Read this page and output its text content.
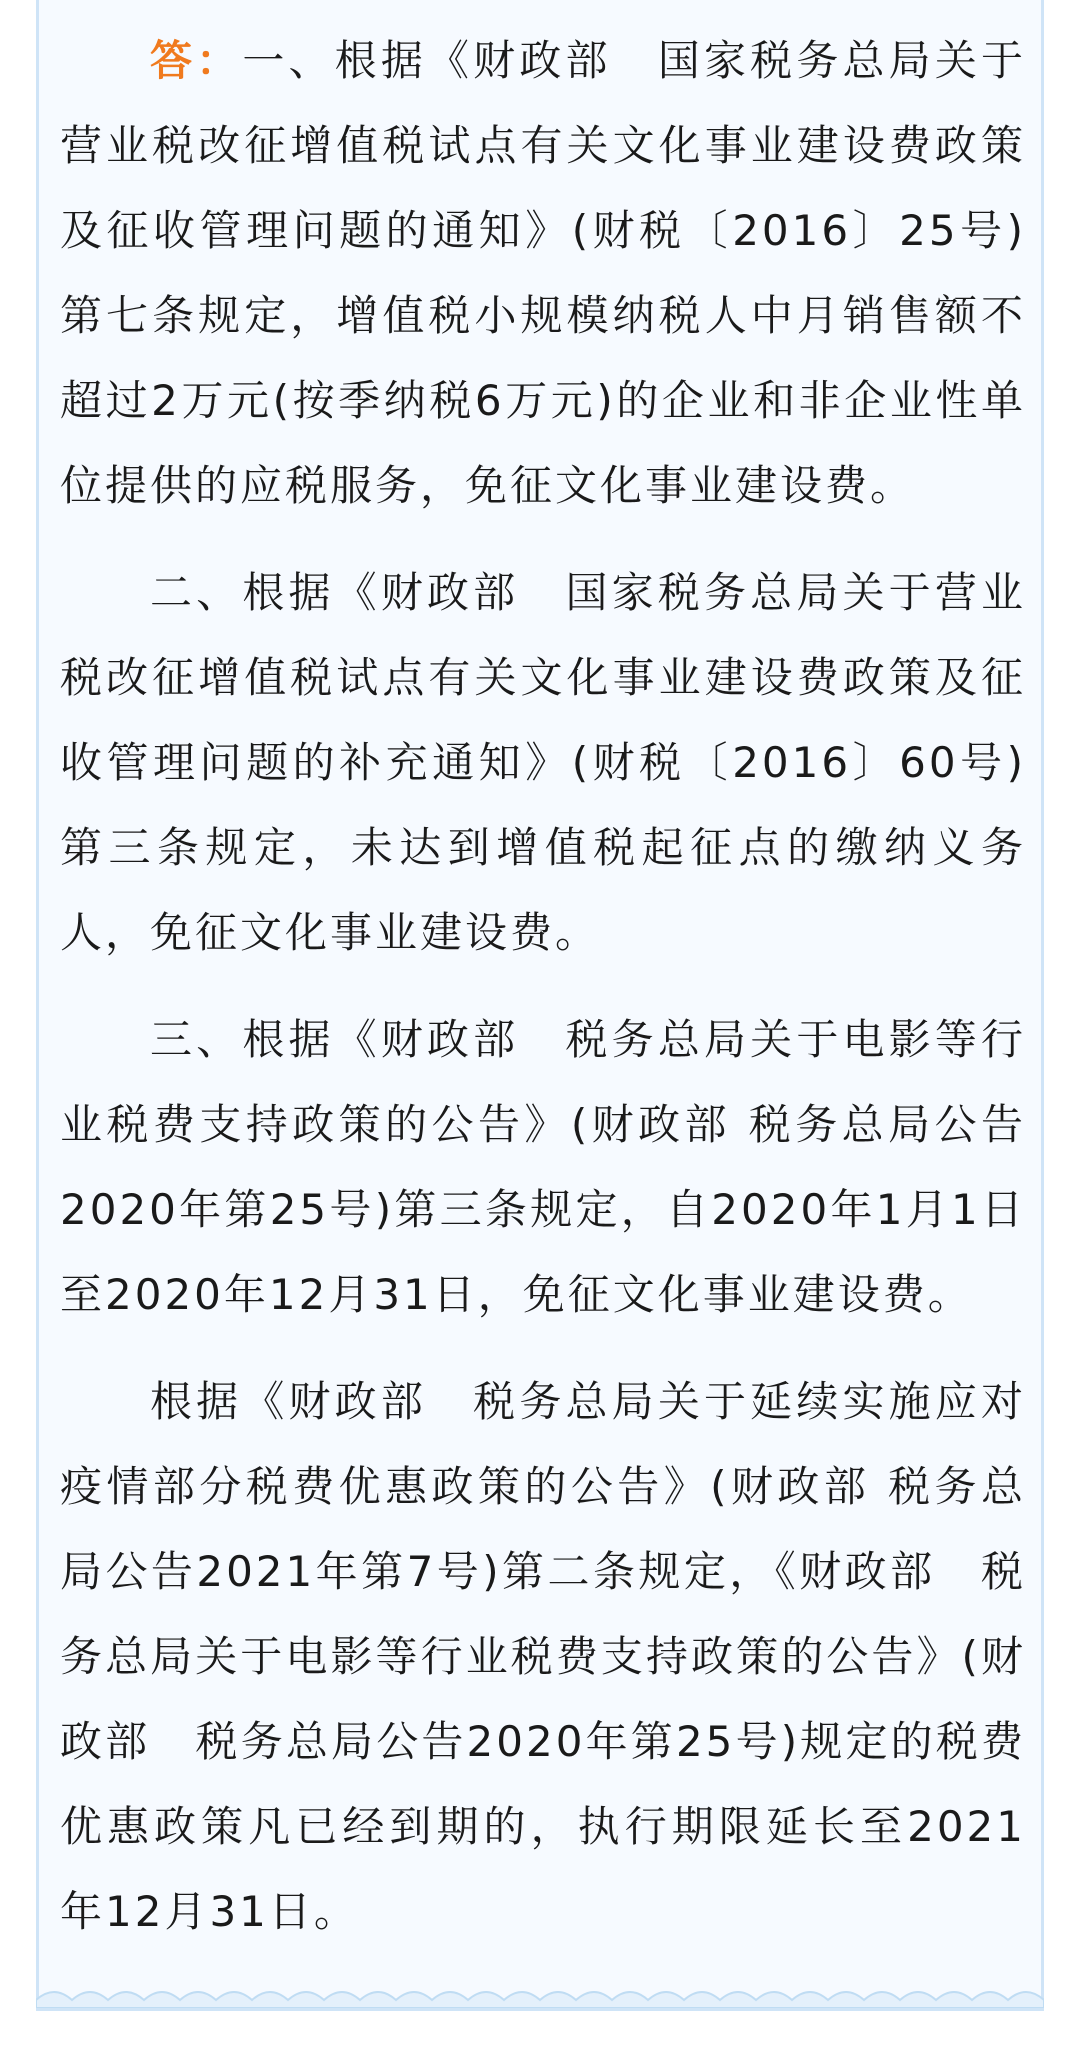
答：一、根据《财政部　国家税务总局关于营业税改征增值税试点有关文化事业建设费政策及征收管理问题的通知》(财税〔2016〕25号)第七条规定，增值税小规模纳税人中月销售额不超过2万元(按季纳税6万元)的企业和非企业性单位提供的应税服务，免征文化事业建设费。

二、根据《财政部　国家税务总局关于营业税改征增值税试点有关文化事业建设费政策及征收管理问题的补充通知》(财税〔2016〕60号)第三条规定，未达到增值税起征点的缴纳义务人，免征文化事业建设费。

三、根据《财政部　税务总局关于电影等行业税费支持政策的公告》(财政部 税务总局公告2020年第25号)第三条规定，自2020年1月1日至2020年12月31日，免征文化事业建设费。

根据《财政部　税务总局关于延续实施应对疫情部分税费优惠政策的公告》(财政部 税务总局公告2021年第7号)第二条规定，《财政部　税务总局关于电影等行业税费支持政策的公告》(财政部　税务总局公告2020年第25号)规定的税费优惠政策凡已经到期的，执行期限延长至2021年12月31日。
